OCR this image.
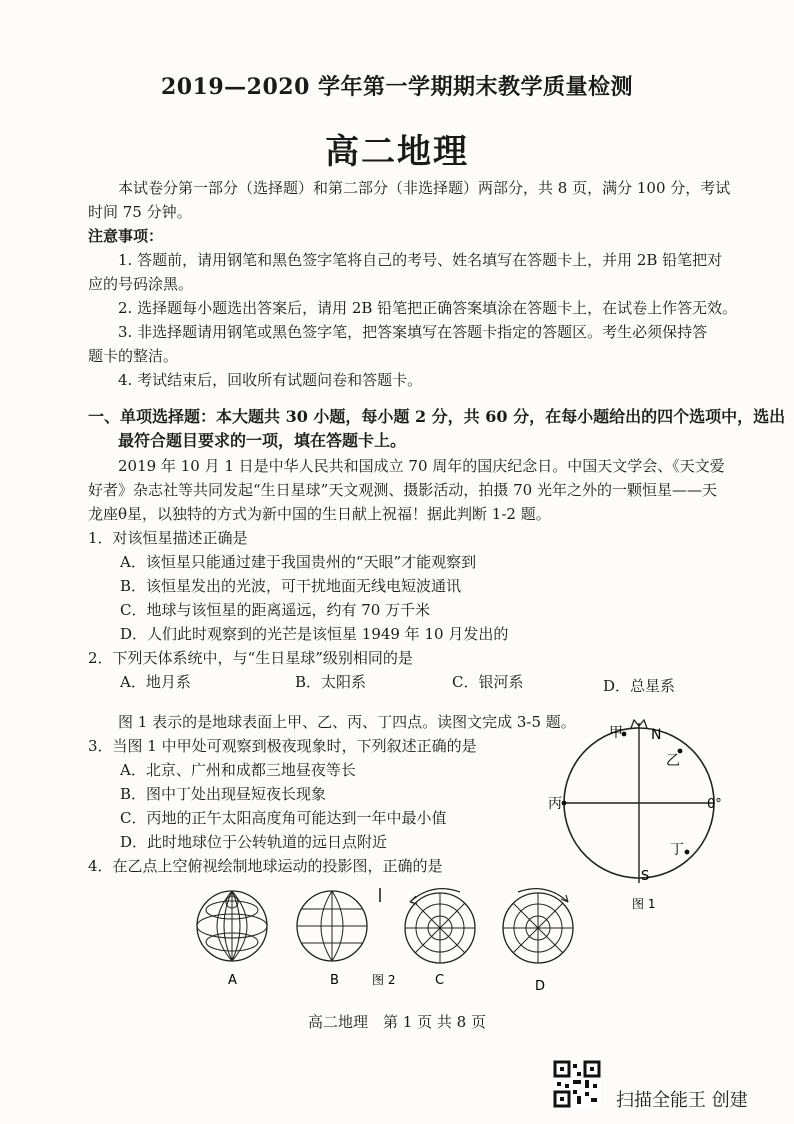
2019—2020 学年第一学期期末教学质量检测
高二地理
本试卷分第一部分（选择题）和第二部分（非选择题）两部分，共 8 页，满分 100 分，考试
时间 75 分钟。
注意事项：
1. 答题前，请用钢笔和黑色签字笔将自己的考号、姓名填写在答题卡上，并用 2B 铅笔把对
应的号码涂黑。
2. 选择题每小题选出答案后，请用 2B 铅笔把正确答案填涂在答题卡上，在试卷上作答无效。
3. 非选择题请用钢笔或黑色签字笔，把答案填写在答题卡指定的答题区。考生必须保持答
题卡的整洁。
4. 考试结束后，回收所有试题问卷和答题卡。
一、单项选择题：本大题共 30 小题，每小题 2 分，共 60 分，在每小题给出的四个选项中，选出
最符合题目要求的一项，填在答题卡上。
2019 年 10 月 1 日是中华人民共和国成立 70 周年的国庆纪念日。中国天文学会、《天文爱
好者》杂志社等共同发起“生日星球”天文观测、摄影活动，拍摄 70 光年之外的一颗恒星——天
龙座θ星，以独特的方式为新中国的生日献上祝福！据此判断 1-2 题。
1．对该恒星描述正确是
A．该恒星只能通过建于我国贵州的“天眼”才能观察到
B．该恒星发出的光波，可干扰地面无线电短波通讯
C．地球与该恒星的距离遥远，约有 70 万千米
D．人们此时观察到的光芒是该恒星 1949 年 10 月发出的
2．下列天体系统中，与“生日星球”级别相同的是
A．地月系	B．太阳系	C．银河系	D．总星系
图 1 表示的是地球表面上甲、乙、丙、丁四点。读图文完成 3-5 题。
3．当图 1 中甲处可观察到极夜现象时，下列叙述正确的是
A．北京、广州和成都三地昼夜等长
B．图中丁处出现昼短夜长现象
C．丙地的正午太阳高度角可能达到一年中最小值
D．此时地球位于公转轨道的远日点附近
4．在乙点上空俯视绘制地球运动的投影图，正确的是
甲 N
乙
丙	0°
丁
S
图 1
A	B	图 2	C	D
高二地理　第 1 页 共 8 页
扫描全能王 创建
